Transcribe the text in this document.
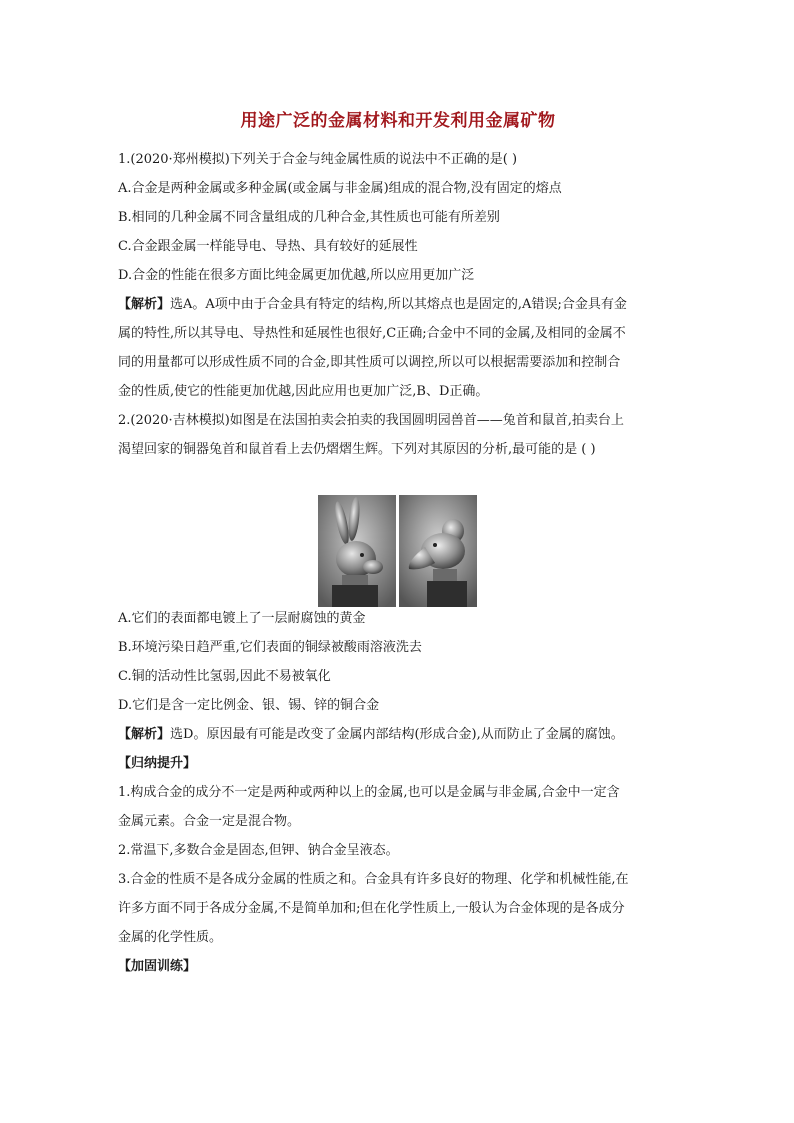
用途广泛的金属材料和开发利用金属矿物

1.(2020·郑州模拟)下列关于合金与纯金属性质的说法中不正确的是( )

A.合金是两种金属或多种金属(或金属与非金属)组成的混合物,没有固定的熔点

B.相同的几种金属不同含量组成的几种合金,其性质也可能有所差别

C.合金跟金属一样能导电、导热、具有较好的延展性

D.合金的性能在很多方面比纯金属更加优越,所以应用更加广泛

【解析】选A。A项中由于合金具有特定的结构,所以其熔点也是固定的,A错误;合金具有金

属的特性,所以其导电、导热性和延展性也很好,C正确;合金中不同的金属,及相同的金属不

同的用量都可以形成性质不同的合金,即其性质可以调控,所以可以根据需要添加和控制合

金的性质,使它的性能更加优越,因此应用也更加广泛,B、D正确。

2.(2020·吉林模拟)如图是在法国拍卖会拍卖的我国圆明园兽首——兔首和鼠首,拍卖台上

渴望回家的铜器兔首和鼠首看上去仍熠熠生辉。下列对其原因的分析,最可能的是 ( )

A.它们的表面都电镀上了一层耐腐蚀的黄金

B.环境污染日趋严重,它们表面的铜绿被酸雨溶液洗去

C.铜的活动性比氢弱,因此不易被氧化

D.它们是含一定比例金、银、锡、锌的铜合金

【解析】选D。原因最有可能是改变了金属内部结构(形成合金),从而防止了金属的腐蚀。

【归纳提升】

1.构成合金的成分不一定是两种或两种以上的金属,也可以是金属与非金属,合金中一定含

金属元素。合金一定是混合物。

2.常温下,多数合金是固态,但钾、钠合金呈液态。

3.合金的性质不是各成分金属的性质之和。合金具有许多良好的物理、化学和机械性能,在

许多方面不同于各成分金属,不是简单加和;但在化学性质上,一般认为合金体现的是各成分

金属的化学性质。

【加固训练】
